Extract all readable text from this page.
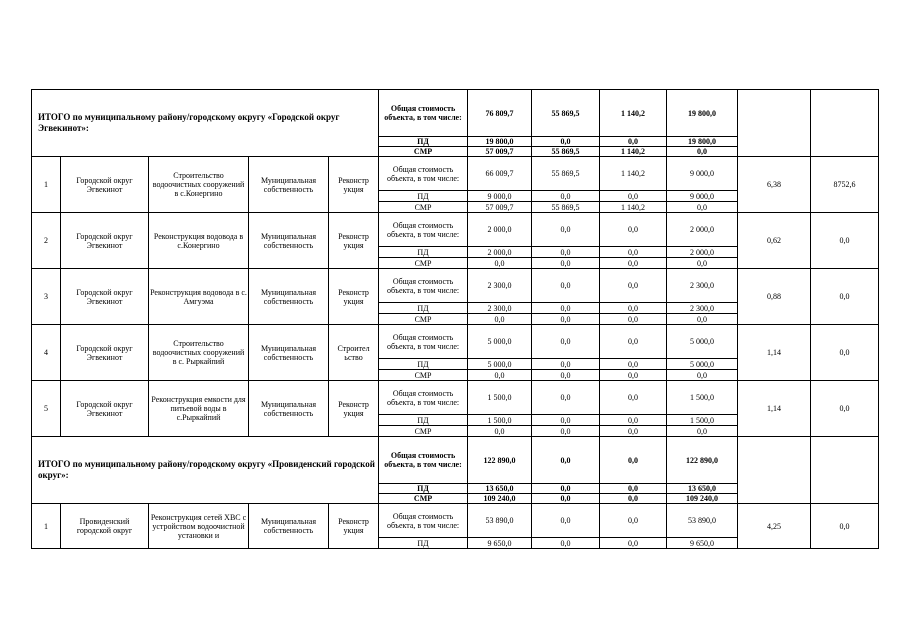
ИТОГО по муниципальному району/городскому округу «Городской округ Эгвекинот»:					Общая стоимость объекта, в том числе:	76 809,7	55 869,5	1 140,2	19 800,0		
					ПД	19 800,0	0,0	0,0	19 800,0		
					СМР	57 009,7	55 869,5	1 140,2	0,0		
1	Городской округ Эгвекинот	Строительство водоочистных сооружений в с.Конергино	Муниципальная собственность	Реконстр укция	Общая стоимость объекта, в том числе:	66 009,7	55 869,5	1 140,2	9 000,0	6,38	8752,6
					ПД	9 000,0	0,0	0,0	9 000,0		
					СМР	57 009,7	55 869,5	1 140,2	0,0		
2	Городской округ Эгвекинот	Реконструкция водовода в с.Конергино	Муниципальная собственность	Реконстр укция	Общая стоимость объекта, в том числе:	2 000,0	0,0	0,0	2 000,0	0,62	0,0
					ПД	2 000,0	0,0	0,0	2 000,0		
					СМР	0,0	0,0	0,0	0,0		
3	Городской округ Эгвекинот	Реконструкция водовода в с. Амгуэма	Муниципальная собственность	Реконстр укция	Общая стоимость объекта, в том числе:	2 300,0	0,0	0,0	2 300,0	0,88	0,0
					ПД	2 300,0	0,0	0,0	2 300,0		
					СМР	0,0	0,0	0,0	0,0		
4	Городской округ Эгвекинот	Строительство водоочистных сооружений в с. Рыркайпий	Муниципальная собственность	Строител ьство	Общая стоимость объекта, в том числе:	5 000,0	0,0	0,0	5 000,0	1,14	0,0
					ПД	5 000,0	0,0	0,0	5 000,0		
					СМР	0,0	0,0	0,0	0,0		
5	Городской округ Эгвекинот	Реконструкция емкости для питьевой воды в с.Рыркайпий	Муниципальная собственность	Реконстр укция	Общая стоимость объекта, в том числе:	1 500,0	0,0	0,0	1 500,0	1,14	0,0
					ПД	1 500,0	0,0	0,0	1 500,0		
					СМР	0,0	0,0	0,0	0,0		
ИТОГО по муниципальному району/городскому округу «Провиденский городской округ»:					Общая стоимость объекта, в том числе:	122 890,0	0,0	0,0	122 890,0		
					ПД	13 650,0	0,0	0,0	13 650,0		
					СМР	109 240,0	0,0	0,0	109 240,0		
1	Провиденский городской округ	Реконструкция сетей ХВС с устройством водоочистной установки и	Муниципальная собственность	Реконстр укция	Общая стоимость объекта, в том числе:	53 890,0	0,0	0,0	53 890,0	4,25	0,0
					ПД	9 650,0	0,0	0,0	9 650,0		
